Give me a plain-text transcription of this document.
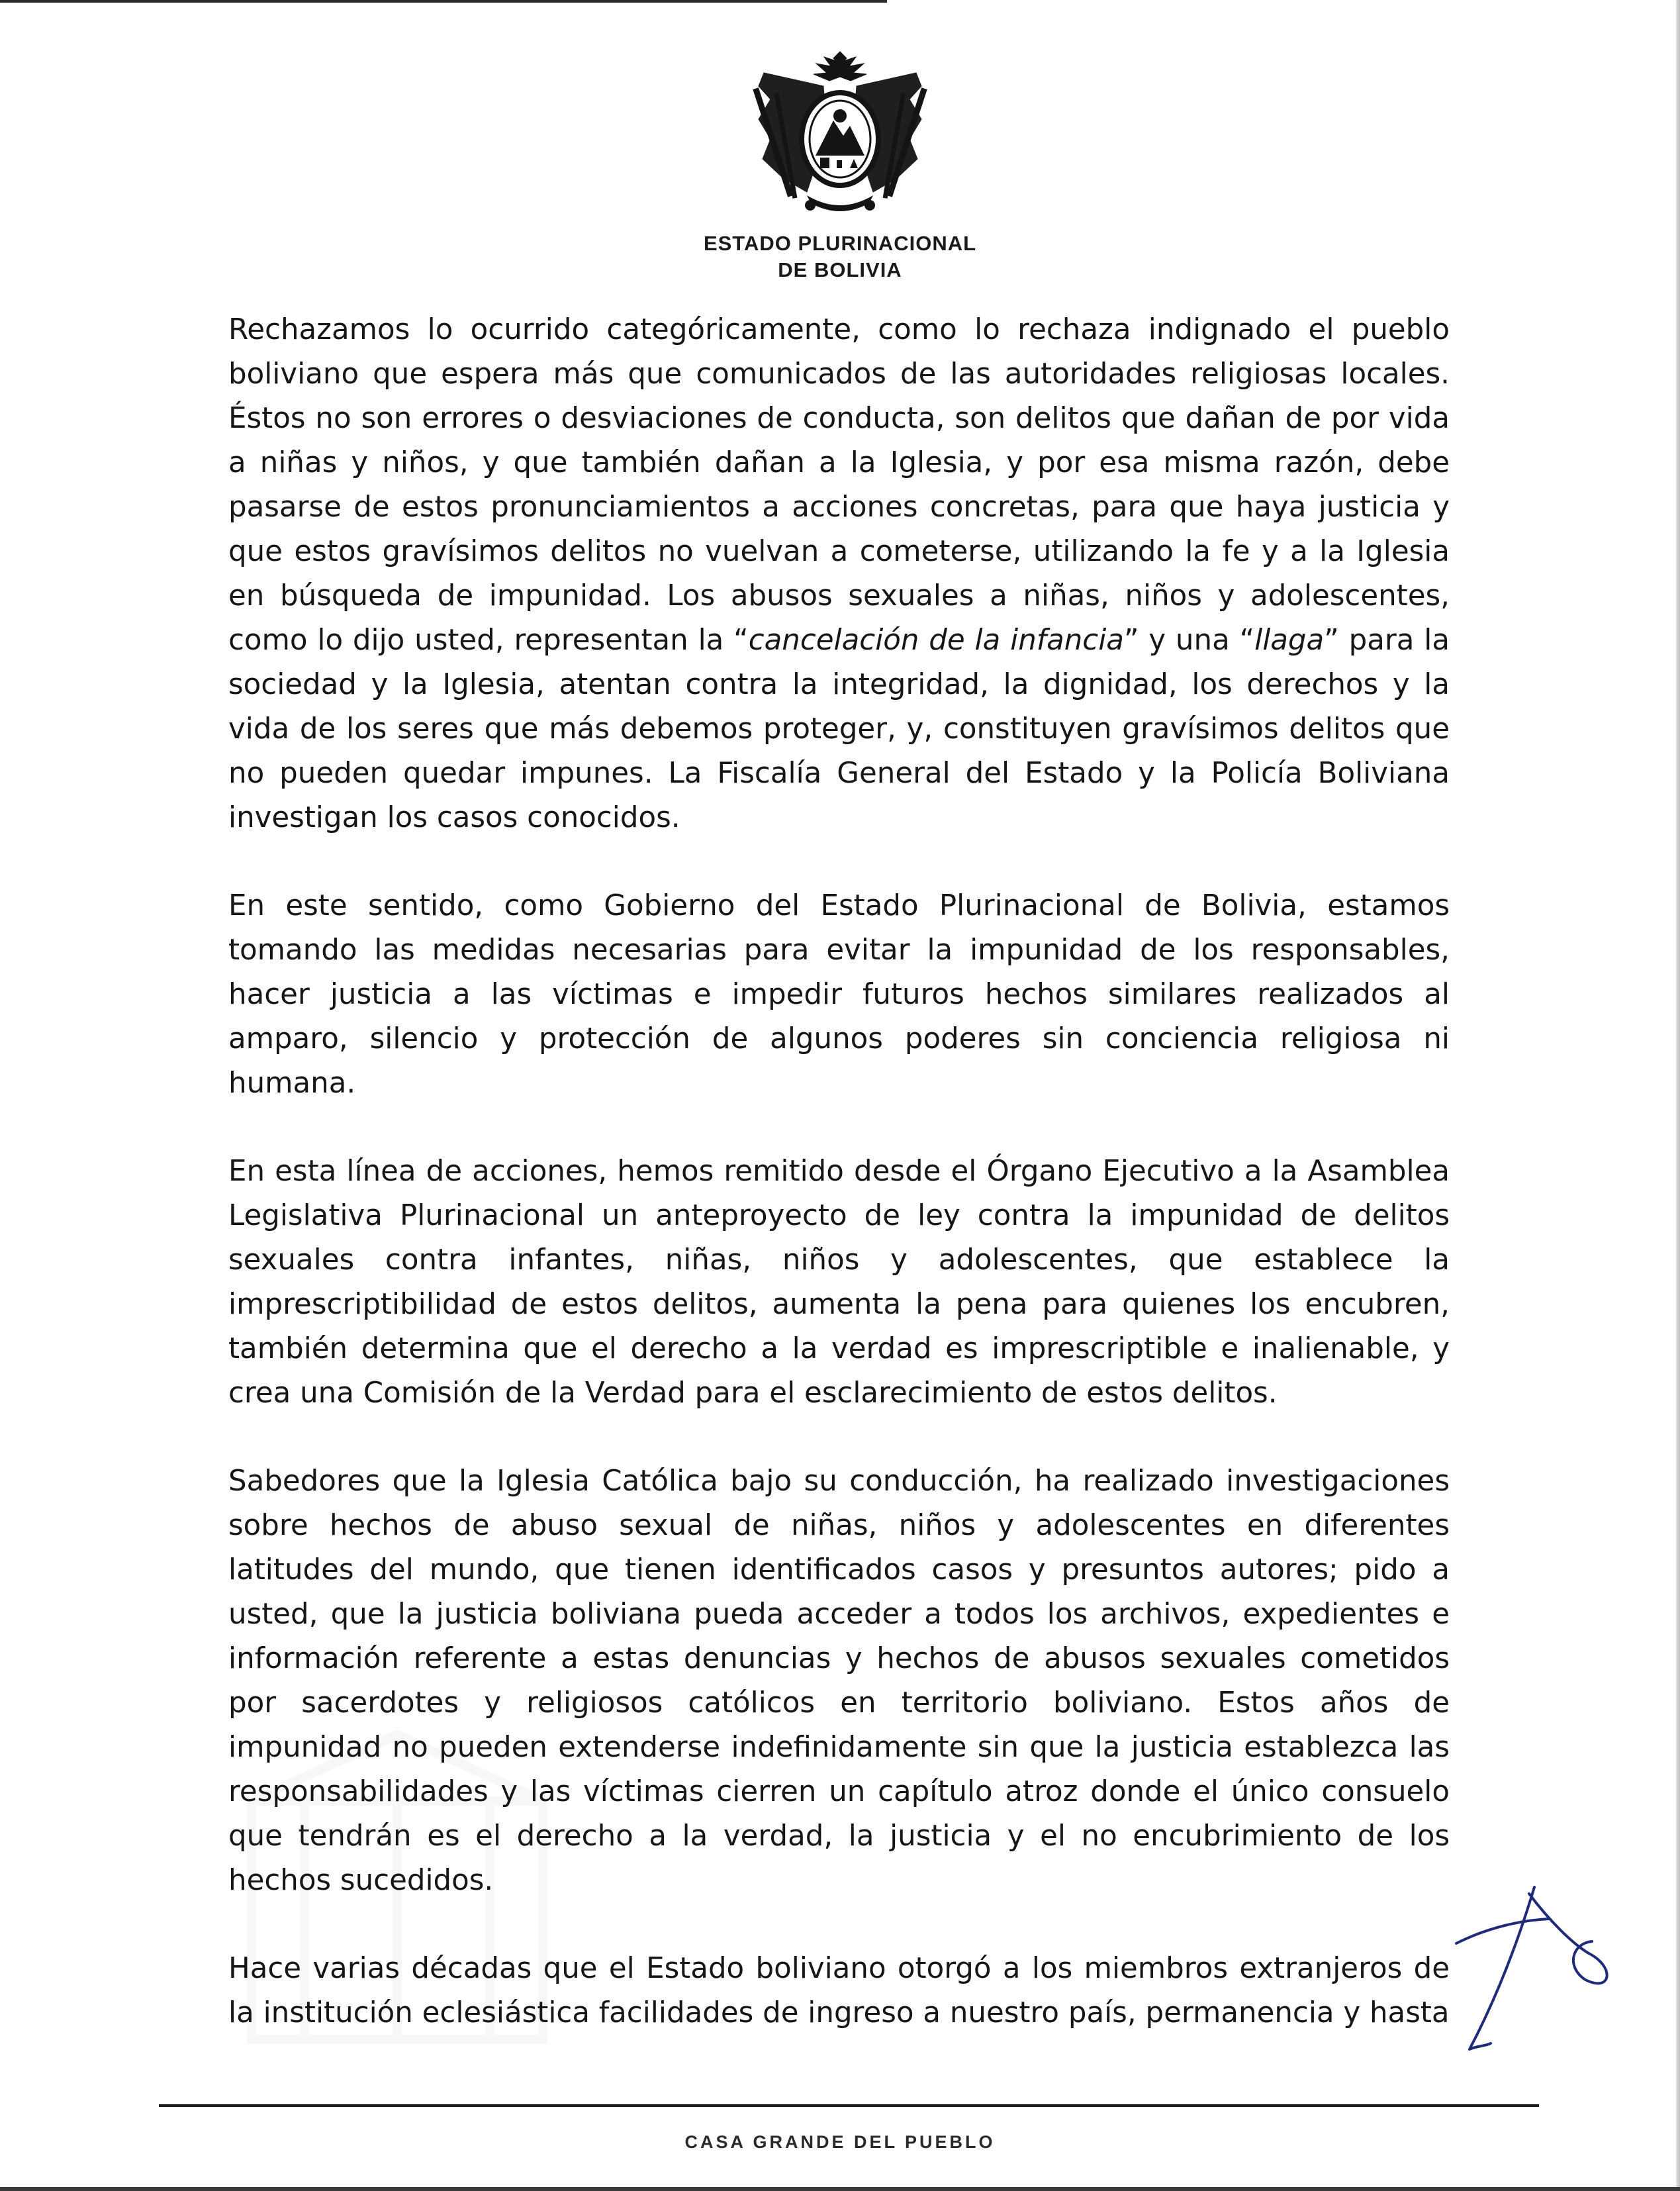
ESTADO PLURINACIONAL
DE BOLIVIA

Rechazamos lo ocurrido categóricamente, como lo rechaza indignado el pueblo boliviano que espera más que comunicados de las autoridades religiosas locales. Éstos no son errores o desviaciones de conducta, son delitos que dañan de por vida a niñas y niños, y que también dañan a la Iglesia, y por esa misma razón, debe pasarse de estos pronunciamientos a acciones concretas, para que haya justicia y que estos gravísimos delitos no vuelvan a cometerse, utilizando la fe y a la Iglesia en búsqueda de impunidad. Los abusos sexuales a niñas, niños y adolescentes, como lo dijo usted, representan la “cancelación de la infancia” y una “llaga” para la sociedad y la Iglesia, atentan contra la integridad, la dignidad, los derechos y la vida de los seres que más debemos proteger, y, constituyen gravísimos delitos que no pueden quedar impunes. La Fiscalía General del Estado y la Policía Boliviana investigan los casos conocidos.

En este sentido, como Gobierno del Estado Plurinacional de Bolivia, estamos tomando las medidas necesarias para evitar la impunidad de los responsables, hacer justicia a las víctimas e impedir futuros hechos similares realizados al amparo, silencio y protección de algunos poderes sin conciencia religiosa ni humana.

En esta línea de acciones, hemos remitido desde el Órgano Ejecutivo a la Asamblea Legislativa Plurinacional un anteproyecto de ley contra la impunidad de delitos sexuales contra infantes, niñas, niños y adolescentes, que establece la imprescriptibilidad de estos delitos, aumenta la pena para quienes los encubren, también determina que el derecho a la verdad es imprescriptible e inalienable, y crea una Comisión de la Verdad para el esclarecimiento de estos delitos.

Sabedores que la Iglesia Católica bajo su conducción, ha realizado investigaciones sobre hechos de abuso sexual de niñas, niños y adolescentes en diferentes latitudes del mundo, que tienen identificados casos y presuntos autores; pido a usted, que la justicia boliviana pueda acceder a todos los archivos, expedientes e información referente a estas denuncias y hechos de abusos sexuales cometidos por sacerdotes y religiosos católicos en territorio boliviano. Estos años de impunidad no pueden extenderse indefinidamente sin que la justicia establezca las responsabilidades y las víctimas cierren un capítulo atroz donde el único consuelo que tendrán es el derecho a la verdad, la justicia y el no encubrimiento de los hechos sucedidos.

Hace varias décadas que el Estado boliviano otorgó a los miembros extranjeros de la institución eclesiástica facilidades de ingreso a nuestro país, permanencia y hasta

CASA GRANDE DEL PUEBLO
